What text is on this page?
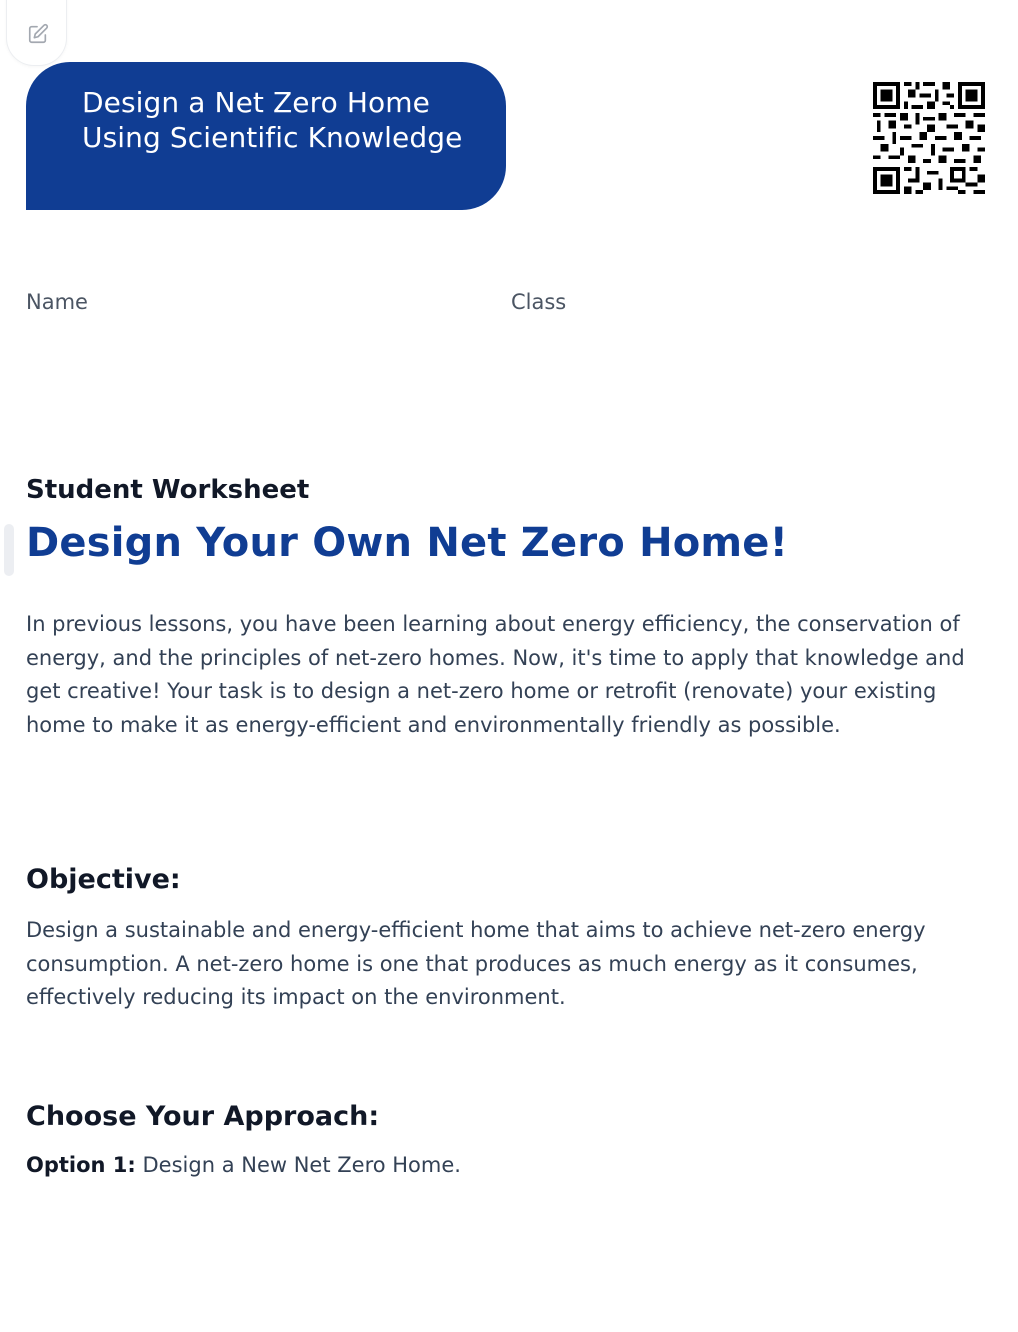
Design a Net Zero Home Using Scientific Knowledge
Name	Class
Student Worksheet
Design Your Own Net Zero Home!

In previous lessons, you have been learning about energy efficiency, the conservation of energy, and the principles of net-zero homes. Now, it's time to apply that knowledge and get creative! Your task is to design a net-zero home or retrofit (renovate) your existing home to make it as energy-efficient and environmentally friendly as possible.

Objective:

Design a sustainable and energy-efficient home that aims to achieve net-zero energy consumption. A net-zero home is one that produces as much energy as it consumes, effectively reducing its impact on the environment.

Choose Your Approach:

Option 1: Design a New Net Zero Home.
